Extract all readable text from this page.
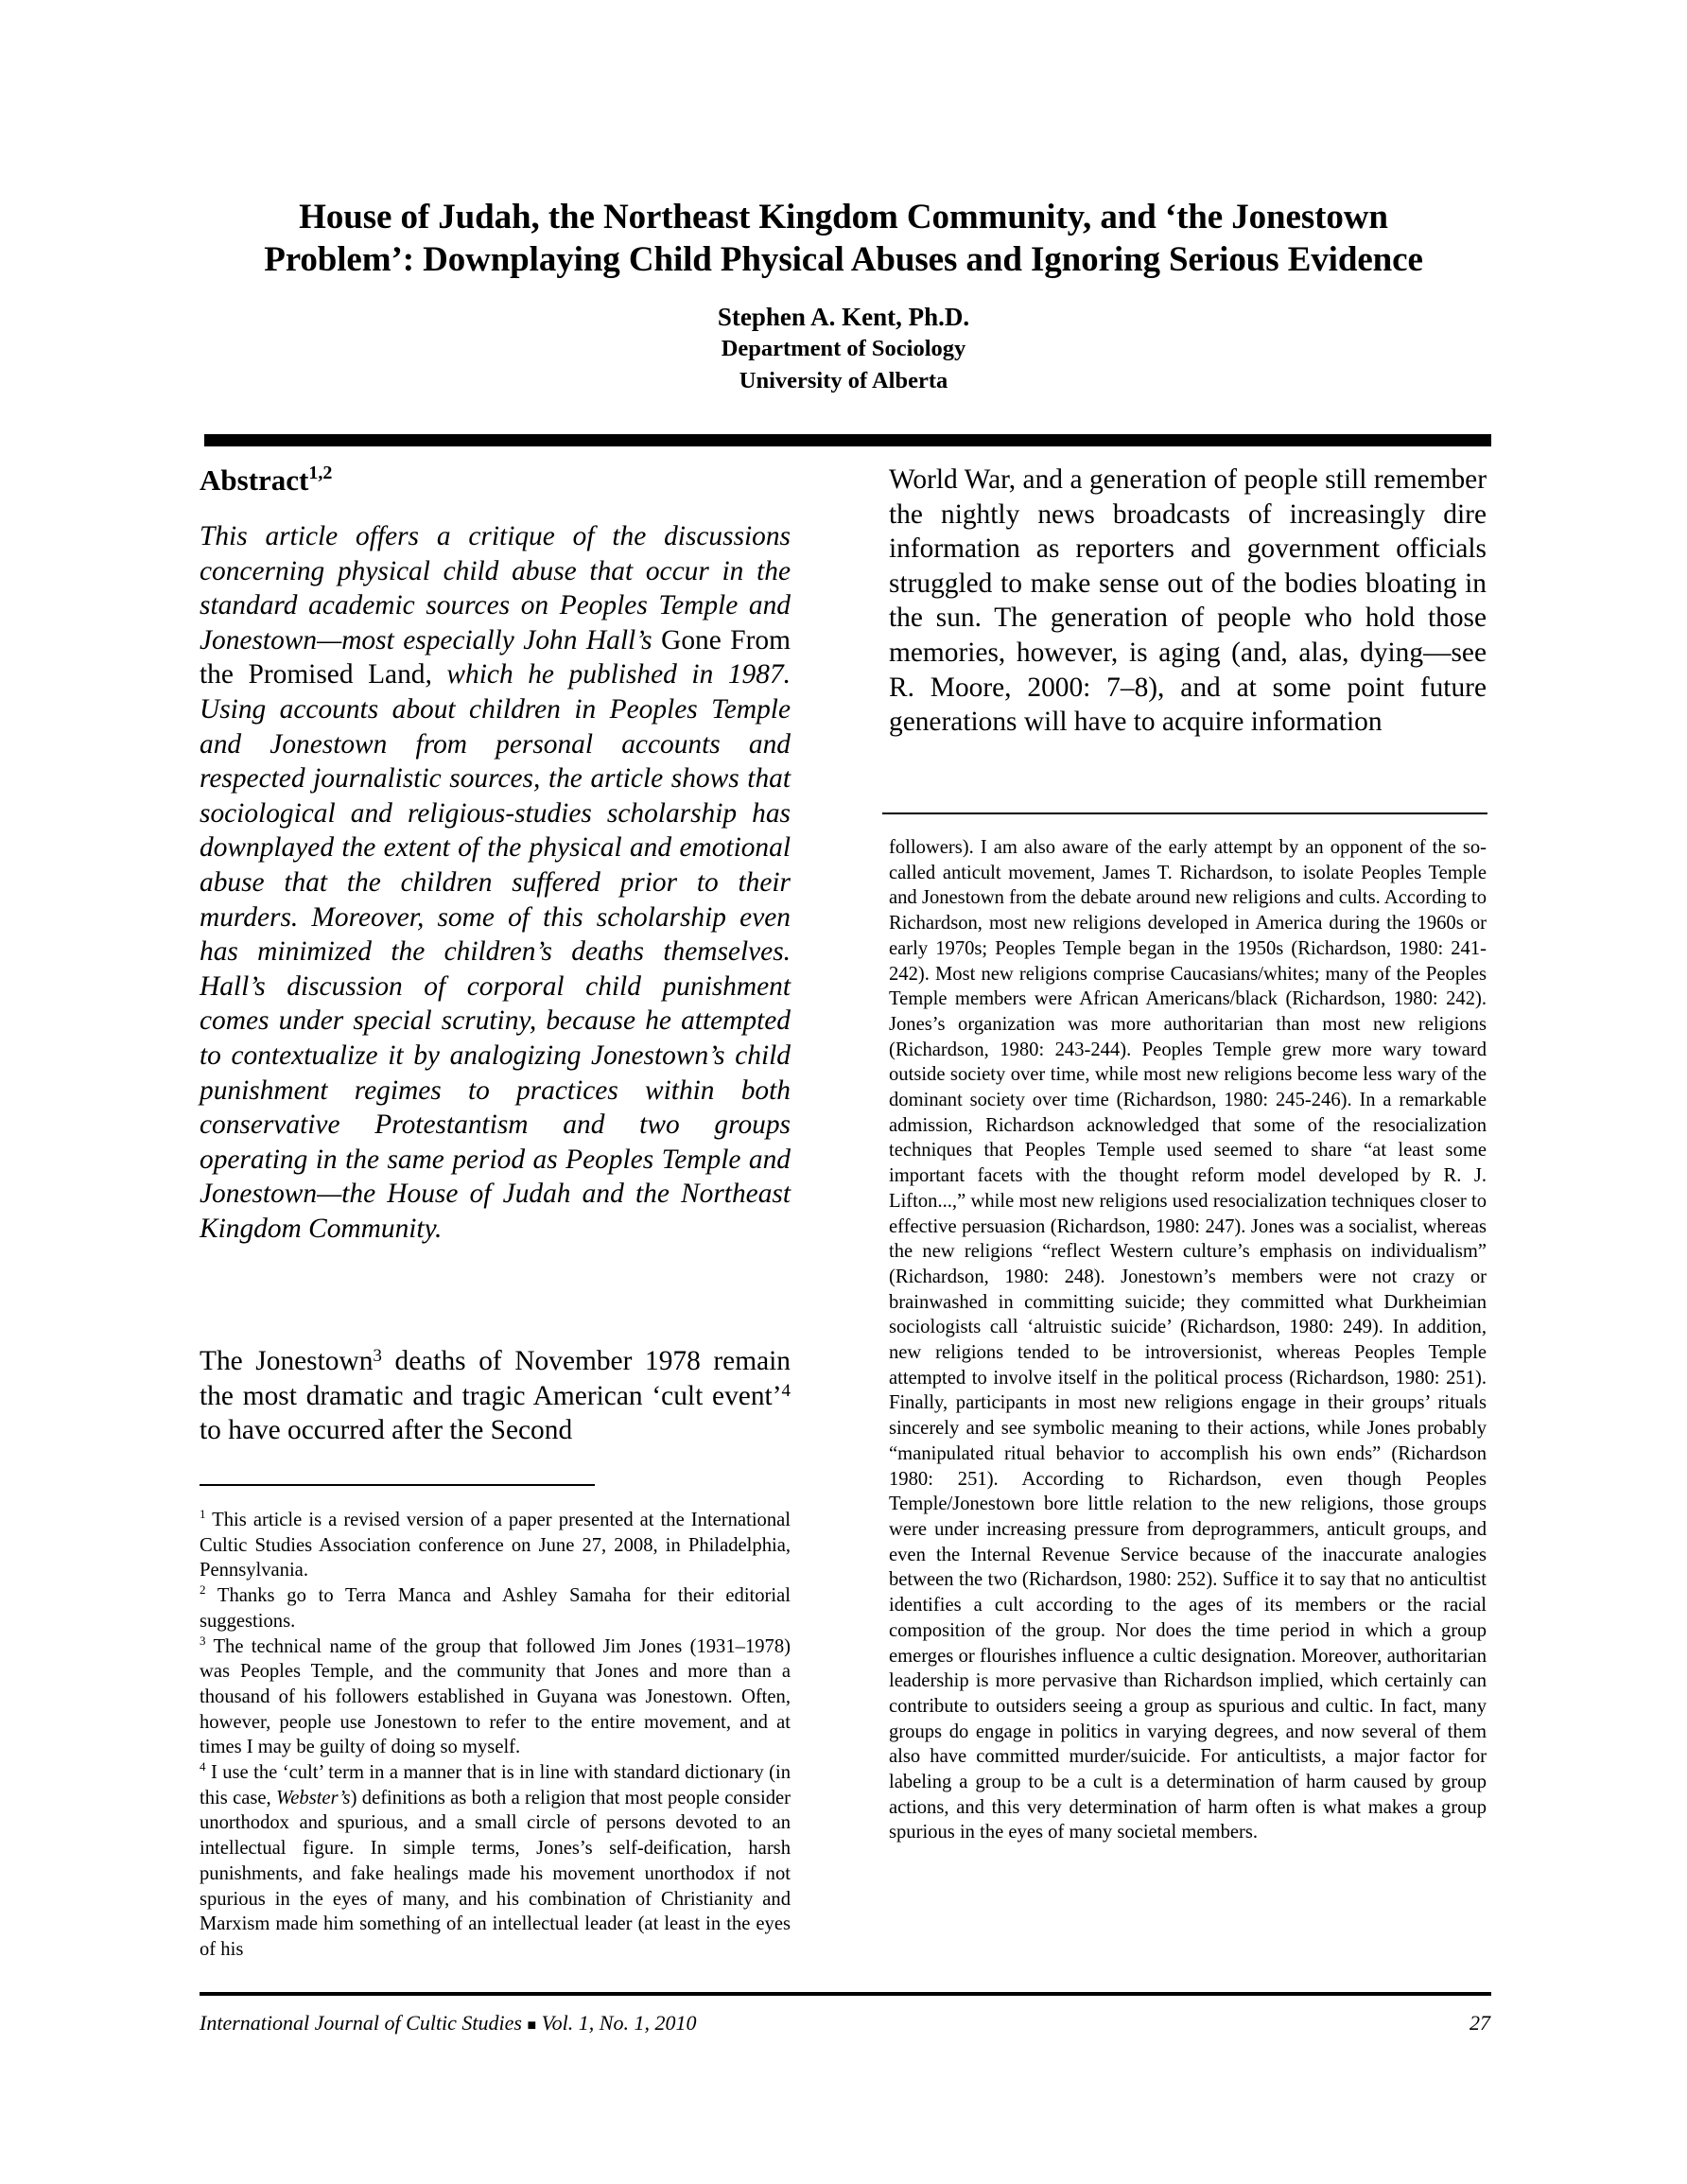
House of Judah, the Northeast Kingdom Community, and ‘the Jonestown
Problem’: Downplaying Child Physical Abuses and Ignoring Serious Evidence
Stephen A. Kent, Ph.D.
Department of Sociology
University of Alberta
Abstract$^{1,2}$

This article offers a critique of the discussions concerning physical child abuse that occur in the standard academic sources on Peoples Temple and Jonestown—most especially John Hall’s Gone From the Promised Land, which he published in 1987. Using accounts about children in Peoples Temple and Jonestown from personal accounts and respected journalistic sources, the article shows that sociological and religious-studies scholarship has downplayed the extent of the physical and emotional abuse that the children suffered prior to their murders. Moreover, some of this scholarship even has minimized the children’s deaths themselves. Hall’s discussion of corporal child punishment comes under special scrutiny, because he attempted to contextualize it by analogizing Jonestown’s child punishment regimes to practices within both conservative Protestantism and two groups operating in the same period as Peoples Temple and Jonestown—the House of Judah and the Northeast Kingdom Community.

The Jonestown$^3$ deaths of November 1978 remain the most dramatic and tragic American ‘cult event’$^4$ to have occurred after the Second

$^1$ This article is a revised version of a paper presented at the International Cultic Studies Association conference on June 27, 2008, in Philadelphia, Pennsylvania.

$^2$ Thanks go to Terra Manca and Ashley Samaha for their editorial suggestions.

$^3$ The technical name of the group that followed Jim Jones (1931–1978) was Peoples Temple, and the community that Jones and more than a thousand of his followers established in Guyana was Jonestown. Often, however, people use Jonestown to refer to the entire movement, and at times I may be guilty of doing so myself.

$^4$ I use the ‘cult’ term in a manner that is in line with standard dictionary (in this case, Webster’s) definitions as both a religion that most people consider unorthodox and spurious, and a small circle of persons devoted to an intellectual figure. In simple terms, Jones’s self-deification, harsh punishments, and fake healings made his movement unorthodox if not spurious in the eyes of many, and his combination of Christianity and Marxism made him something of an intellectual leader (at least in the eyes of his

World War, and a generation of people still remember the nightly news broadcasts of increasingly dire information as reporters and government officials struggled to make sense out of the bodies bloating in the sun. The generation of people who hold those memories, however, is aging (and, alas, dying—see R. Moore, 2000: 7–8), and at some point future generations will have to acquire information

followers). I am also aware of the early attempt by an opponent of the so-called anticult movement, James T. Richardson, to isolate Peoples Temple and Jonestown from the debate around new religions and cults. According to Richardson, most new religions developed in America during the 1960s or early 1970s; Peoples Temple began in the 1950s (Richardson, 1980: 241-242). Most new religions comprise Caucasians/whites; many of the Peoples Temple members were African Americans/black (Richardson, 1980: 242). Jones’s organization was more authoritarian than most new religions (Richardson, 1980: 243-244). Peoples Temple grew more wary toward outside society over time, while most new religions become less wary of the dominant society over time (Richardson, 1980: 245-246). In a remarkable admission, Richardson acknowledged that some of the resocialization techniques that Peoples Temple used seemed to share “at least some important facets with the thought reform model developed by R. J. Lifton...,” while most new religions used resocialization techniques closer to effective persuasion (Richardson, 1980: 247). Jones was a socialist, whereas the new religions “reflect Western culture’s emphasis on individualism” (Richardson, 1980: 248). Jonestown’s members were not crazy or brainwashed in committing suicide; they committed what Durkheimian sociologists call ‘altruistic suicide’ (Richardson, 1980: 249). In addition, new religions tended to be introversionist, whereas Peoples Temple attempted to involve itself in the political process (Richardson, 1980: 251). Finally, participants in most new religions engage in their groups’ rituals sincerely and see symbolic meaning to their actions, while Jones probably “manipulated ritual behavior to accomplish his own ends” (Richardson 1980: 251). According to Richardson, even though Peoples Temple/Jonestown bore little relation to the new religions, those groups were under increasing pressure from deprogrammers, anticult groups, and even the Internal Revenue Service because of the inaccurate analogies between the two (Richardson, 1980: 252). Suffice it to say that no anticultist identifies a cult according to the ages of its members or the racial composition of the group. Nor does the time period in which a group emerges or flourishes influence a cultic designation. Moreover, authoritarian leadership is more pervasive than Richardson implied, which certainly can contribute to outsiders seeing a group as spurious and cultic. In fact, many groups do engage in politics in varying degrees, and now several of them also have committed murder/suicide. For anticultists, a major factor for labeling a group to be a cult is a determination of harm caused by group actions, and this very determination of harm often is what makes a group spurious in the eyes of many societal members.

International Journal of Cultic Studies ■ Vol. 1, No. 1, 2010	27
